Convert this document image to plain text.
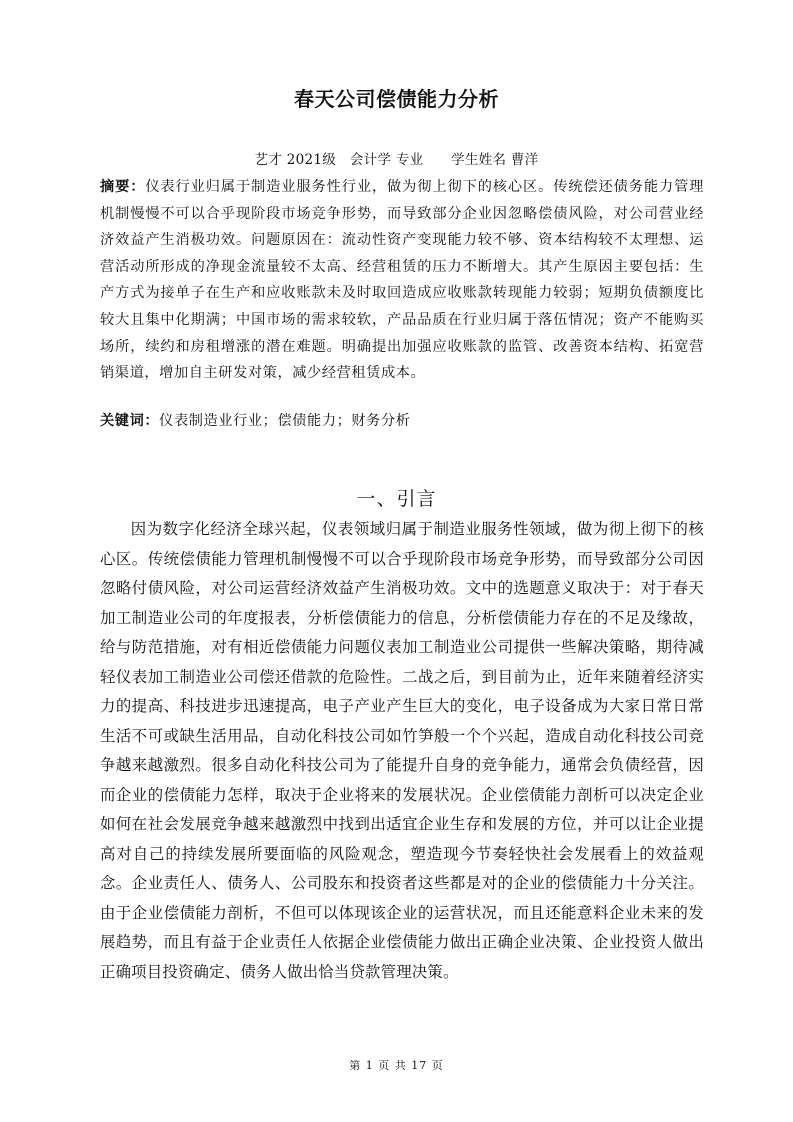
春天公司偿债能力分析
艺才 2021级　会计学 专业　　学生姓名 曹洋
摘要：仪表行业归属于制造业服务性行业，做为彻上彻下的核心区。传统偿还债务能力管理机制慢慢不可以合乎现阶段市场竞争形势，而导致部分企业因忽略偿债风险，对公司营业经济效益产生消极功效。问题原因在：流动性资产变现能力较不够、资本结构较不太理想、运营活动所形成的净现金流量较不太高、经营租赁的压力不断增大。其产生原因主要包括：生产方式为接单子在生产和应收账款未及时取回造成应收账款转现能力较弱；短期负债额度比较大且集中化期满；中国市场的需求较软，产品品质在行业归属于落伍情况；资产不能购买场所，续约和房租增涨的潜在难题。明确提出加强应收账款的监管、改善资本结构、拓宽营销渠道，增加自主研发对策，减少经营租赁成本。
关键词：仪表制造业行业；偿债能力；财务分析
一、引言
因为数字化经济全球兴起，仪表领域归属于制造业服务性领域，做为彻上彻下的核心区。传统偿债能力管理机制慢慢不可以合乎现阶段市场竞争形势，而导致部分公司因忽略付债风险，对公司运营经济效益产生消极功效。文中的选题意义取决于：对于春天加工制造业公司的年度报表，分析偿债能力的信息，分析偿债能力存在的不足及缘故，给与防范措施，对有相近偿债能力问题仪表加工制造业公司提供一些解决策略，期待减轻仪表加工制造业公司偿还借款的危险性。二战之后，到目前为止，近年来随着经济实力的提高、科技进步迅速提高，电子产业产生巨大的变化，电子设备成为大家日常日常生活不可或缺生活用品，自动化科技公司如竹笋般一个个兴起，造成自动化科技公司竞争越来越激烈。很多自动化科技公司为了能提升自身的竞争能力，通常会负债经营，因而企业的偿债能力怎样，取决于企业将来的发展状况。企业偿债能力剖析可以决定企业如何在社会发展竞争越来越激烈中找到出适宜企业生存和发展的方位，并可以让企业提高对自己的持续发展所要面临的风险观念，塑造现今节奏轻快社会发展看上的效益观念。企业责任人、债务人、公司股东和投资者这些都是对的企业的偿债能力十分关注。由于企业偿债能力剖析，不但可以体现该企业的运营状况，而且还能意料企业未来的发展趋势，而且有益于企业责任人依据企业偿债能力做出正确企业决策、企业投资人做出正确项目投资确定、债务人做出恰当贷款管理决策。
第 1 页 共 17 页
